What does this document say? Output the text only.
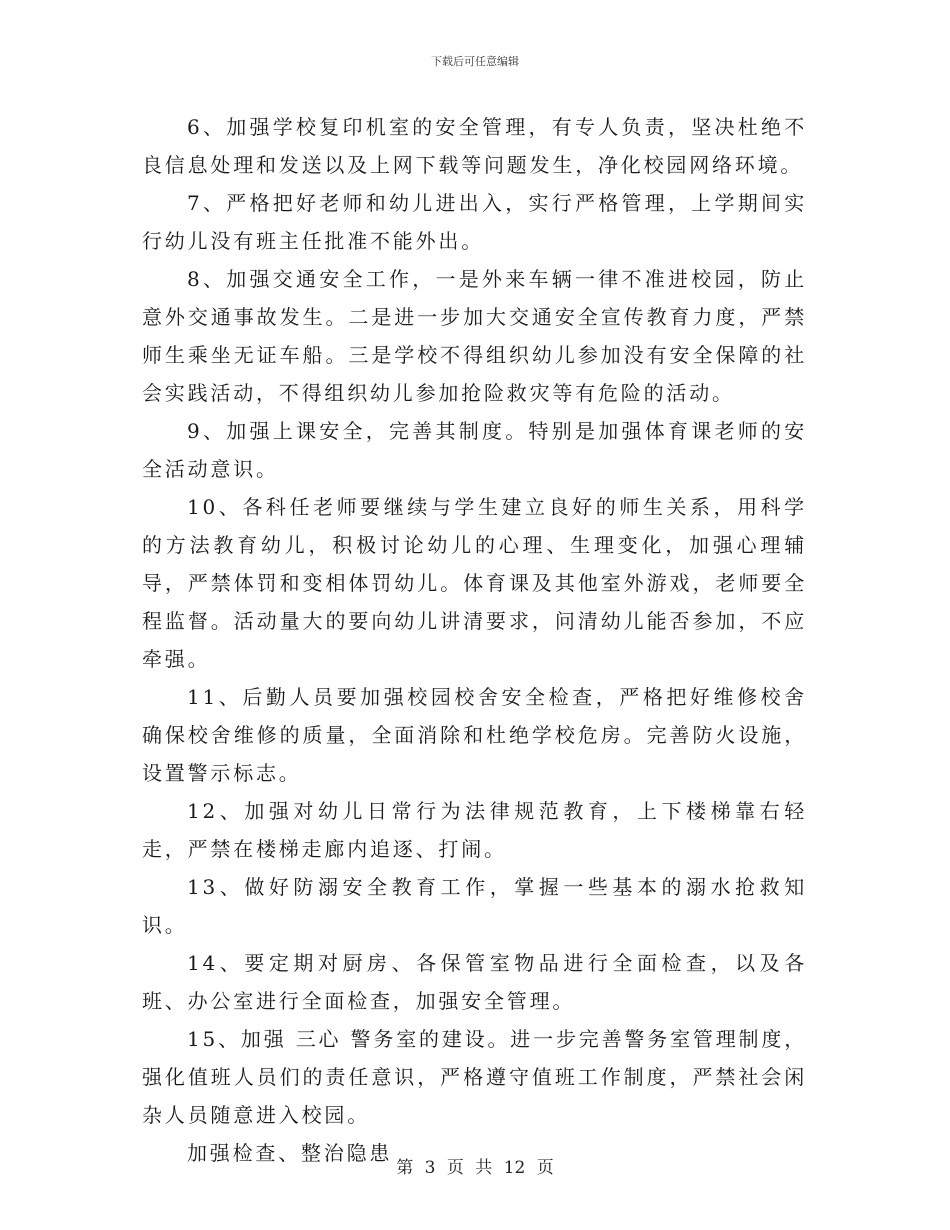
下载后可任意编辑

6、加强学校复印机室的安全管理，有专人负责，坚决杜绝不良信息处理和发送以及上网下载等问题发生，净化校园网络环境。

7、严格把好老师和幼儿进出入，实行严格管理，上学期间实行幼儿没有班主任批准不能外出。

8、加强交通安全工作，一是外来车辆一律不准进校园，防止意外交通事故发生。二是进一步加大交通安全宣传教育力度，严禁师生乘坐无证车船。三是学校不得组织幼儿参加没有安全保障的社会实践活动，不得组织幼儿参加抢险救灾等有危险的活动。

9、加强上课安全，完善其制度。特别是加强体育课老师的安全活动意识。

10、各科任老师要继续与学生建立良好的师生关系，用科学的方法教育幼儿，积极讨论幼儿的心理、生理变化，加强心理辅导，严禁体罚和变相体罚幼儿。体育课及其他室外游戏，老师要全程监督。活动量大的要向幼儿讲清要求，问清幼儿能否参加，不应牵强。

11、后勤人员要加强校园校舍安全检查，严格把好维修校舍确保校舍维修的质量，全面消除和杜绝学校危房。完善防火设施，设置警示标志。

12、加强对幼儿日常行为法律规范教育，上下楼梯靠右轻走，严禁在楼梯走廊内追逐、打闹。

13、做好防溺安全教育工作，掌握一些基本的溺水抢救知识。

14、要定期对厨房、各保管室物品进行全面检查，以及各班、办公室进行全面检查，加强安全管理。

15、加强 三心 警务室的建设。进一步完善警务室管理制度，强化值班人员们的责任意识，严格遵守值班工作制度，严禁社会闲杂人员随意进入校园。

加强检查、整治隐患

第 3 页 共 12 页
